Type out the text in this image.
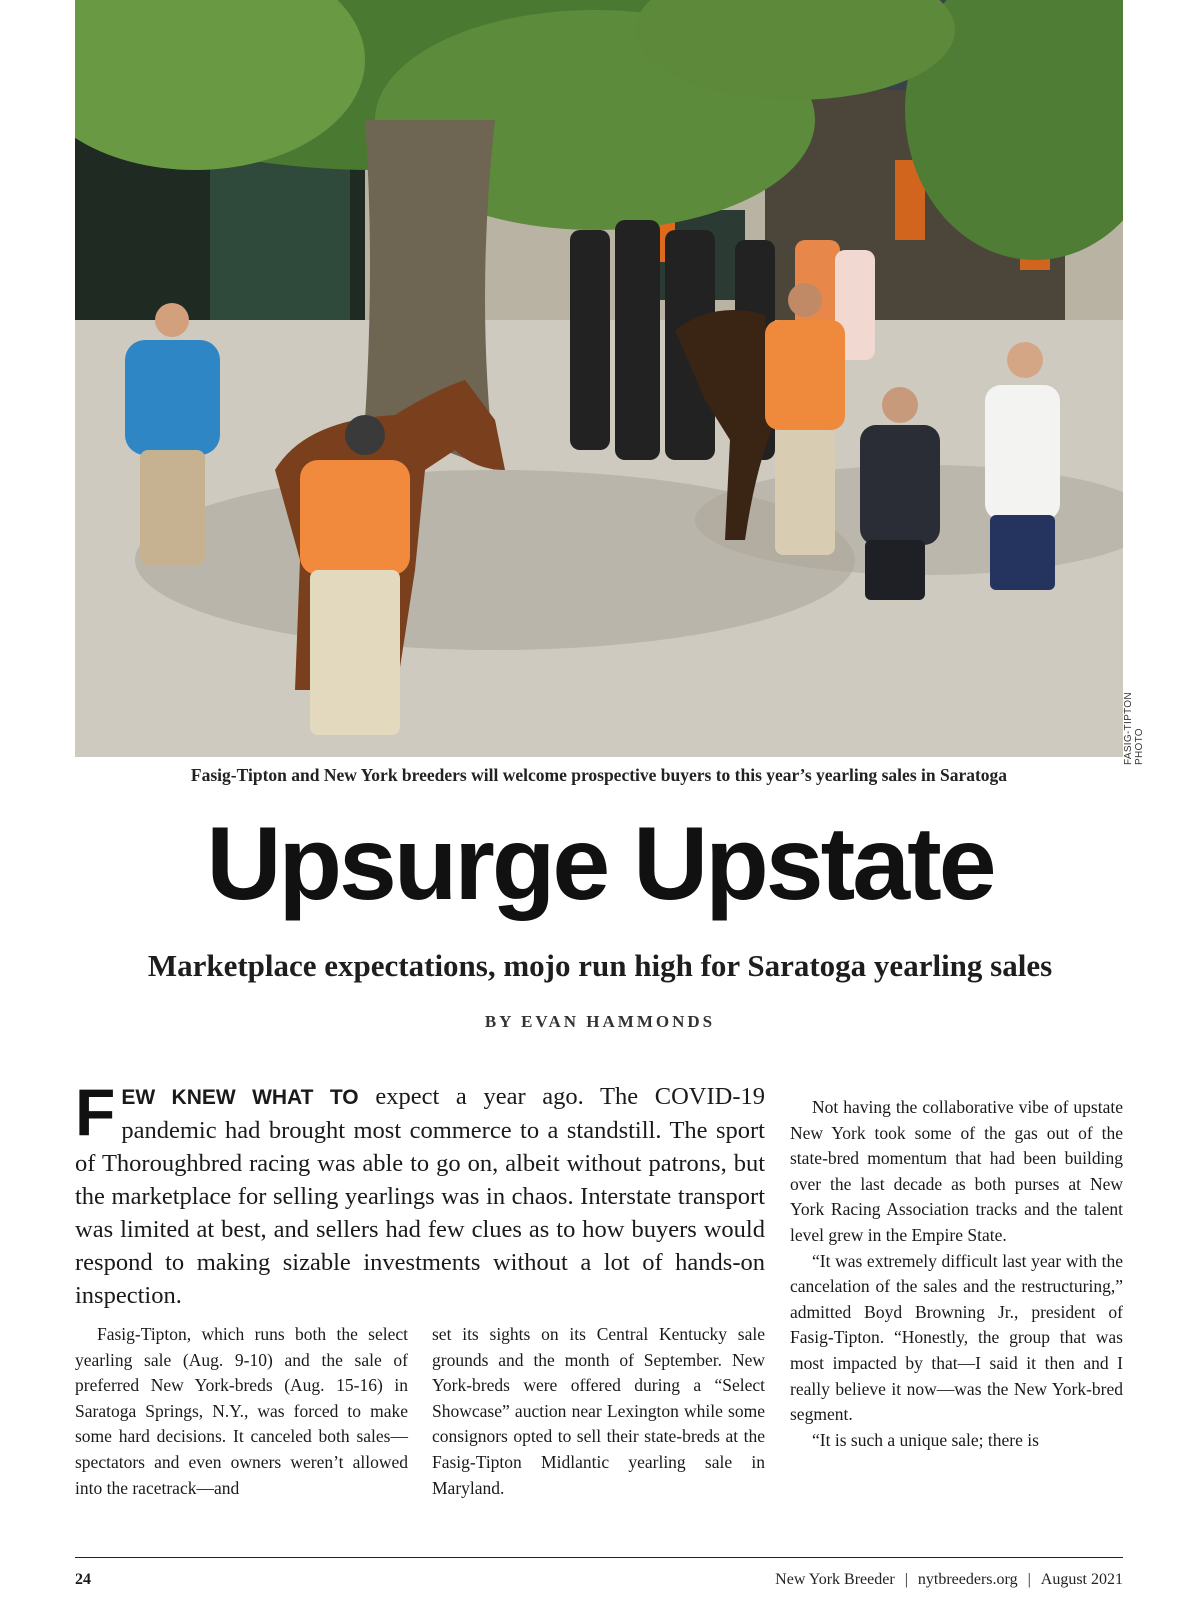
FASIG-TIPTON PHOTO
Fasig-Tipton and New York breeders will welcome prospective buyers to this year’s yearling sales in Saratoga
Upsurge Upstate
Marketplace expectations, mojo run high for Saratoga yearling sales
BY EVAN HAMMONDS
FEW KNEW WHAT TO expect a year ago. The COVID-19 pandemic had brought most commerce to a standstill. The sport of Thoroughbred racing was able to go on, albeit without patrons, but the marketplace for selling yearlings was in chaos. Interstate transport was limited at best, and sellers had few clues as to how buyers would respond to making sizable investments without a lot of hands-on inspection.

Fasig-Tipton, which runs both the select yearling sale (Aug. 9-10) and the sale of preferred New York-breds (Aug. 15-16) in Saratoga Springs, N.Y., was forced to make some hard decisions. It canceled both sales—spectators and even owners weren’t allowed into the racetrack—and

set its sights on its Central Kentucky sale grounds and the month of September. New York-breds were offered during a “Select Showcase” auction near Lexington while some consignors opted to sell their state-breds at the Fasig-Tipton Midlantic yearling sale in Maryland.

Not having the collaborative vibe of upstate New York took some of the gas out of the state-bred momentum that had been building over the last decade as both purses at New York Racing Association tracks and the talent level grew in the Empire State.

“It was extremely difficult last year with the cancelation of the sales and the restructuring,” admitted Boyd Browning Jr., president of Fasig-Tipton. “Honestly, the group that was most impacted by that—I said it then and I really believe it now—was the New York-bred segment.

“It is such a unique sale; there is

24	New York Breeder | nytbreeders.org | August 2021
